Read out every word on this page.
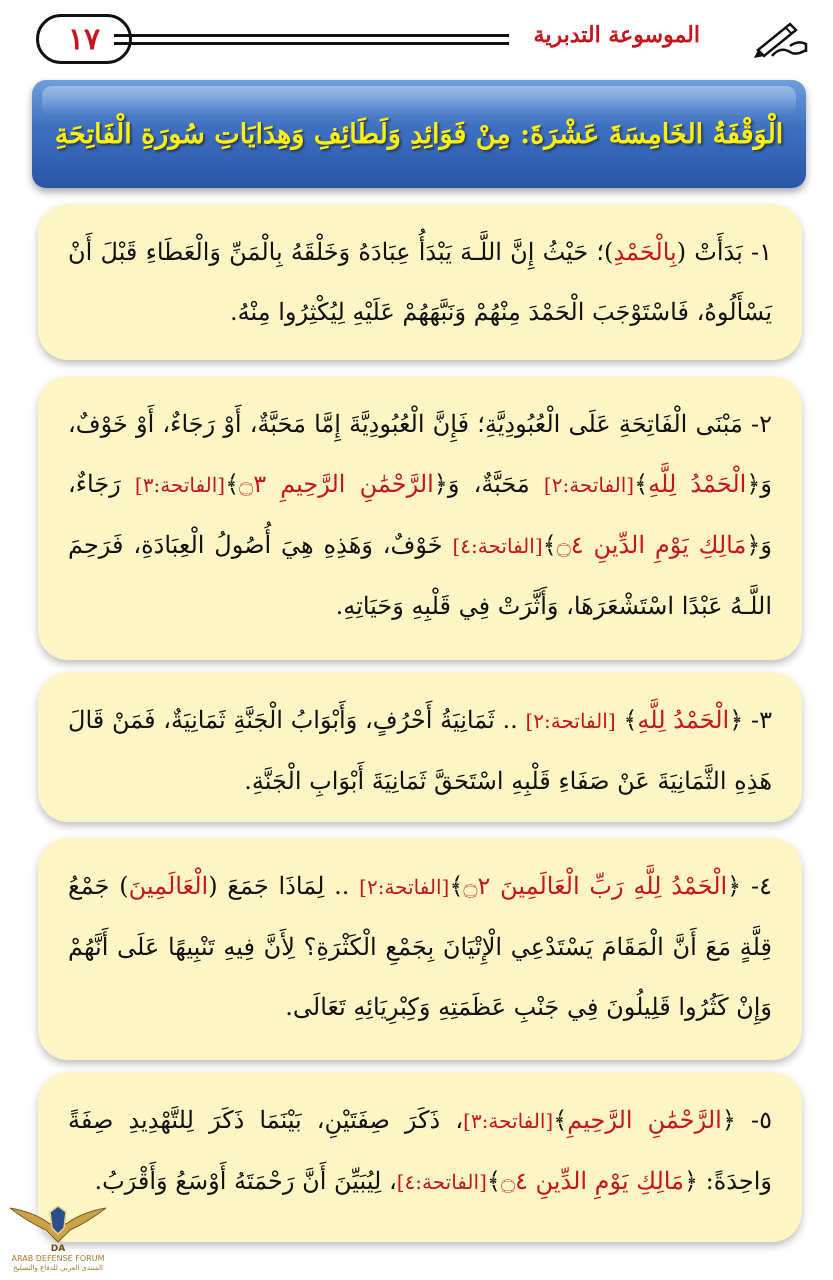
١٧	الموسوعة التدبرية
الْوَقْفَةُ الخَامِسَةَ عَشْرَةَ: مِنْ فَوَائِدِ وَلَطَائِفِ وَهِدَايَاتِ سُورَةِ الْفَاتِحَةِ

١- بَدَأَتْ (بِالْحَمْدِ)؛ حَيْثُ إِنَّ اللَّـهَ يَبْدَأُ عِبَادَهُ وَخَلْقَهُ بِالْمَنِّ وَالْعَطَاءِ قَبْلَ أَنْ يَسْأَلُوهُ، فَاسْتَوْجَبَ الْحَمْدَ مِنْهُمْ وَنَبَّهَهُمْ عَلَيْهِ لِيُكْثِرُوا مِنْهُ.

٢- مَبْنَى الْفَاتِحَةِ عَلَى الْعُبُودِيَّةِ؛ فَإِنَّ الْعُبُودِيَّةَ إِمَّا مَحَبَّةٌ، أَوْ رَجَاءٌ، أَوْ خَوْفٌ، وَ﴿الْحَمْدُ لِلَّهِ﴾[الفاتحة:٢] مَحَبَّةٌ، وَ﴿الرَّحْمَٰنِ الرَّحِيمِ ۝٣﴾[الفاتحة:٣] رَجَاءٌ، وَ﴿مَالِكِ يَوْمِ الدِّينِ ۝٤﴾[الفاتحة:٤] خَوْفٌ، وَهَذِهِ هِيَ أُصُولُ الْعِبَادَةِ، فَرَحِمَ اللَّـهُ عَبْدًا اسْتَشْعَرَهَا، وَأَثَّرَتْ فِي قَلْبِهِ وَحَيَاتِهِ.

٣- ﴿الْحَمْدُ لِلَّهِ﴾ [الفاتحة:٢] .. ثَمَانِيَةُ أَحْرُفٍ، وَأَبْوَابُ الْجَنَّةِ ثَمَانِيَةٌ، فَمَنْ قَالَ هَذِهِ الثَّمَانِيَةَ عَنْ صَفَاءِ قَلْبِهِ اسْتَحَقَّ ثَمَانِيَةَ أَبْوَابِ الْجَنَّةِ.

٤- ﴿الْحَمْدُ لِلَّهِ رَبِّ الْعَالَمِينَ ۝٢﴾[الفاتحة:٢] .. لِمَاذَا جَمَعَ (الْعَالَمِينَ) جَمْعُ قِلَّةٍ مَعَ أَنَّ الْمَقَامَ يَسْتَدْعِي الْإِتْيَانَ بِجَمْعِ الْكَثْرَةِ؟ لِأَنَّ فِيهِ تَنْبِيهًا عَلَى أَنَّهُمْ وَإِنْ كَثُرُوا قَلِيلُونَ فِي جَنْبِ عَظَمَتِهِ وَكِبْرِيَائِهِ تَعَالَى.

٥- ﴿الرَّحْمَٰنِ الرَّحِيمِ﴾[الفاتحة:٣]، ذَكَرَ صِفَتَيْنِ، بَيْنَمَا ذَكَرَ لِلتَّهْدِيدِ صِفَةً وَاحِدَةً: ﴿مَالِكِ يَوْمِ الدِّينِ ۝٤﴾[الفاتحة:٤]، لِيُبَيِّنَ أَنَّ رَحْمَتَهُ أَوْسَعُ وَأَقْرَبُ.

DA
ARAB DEFENSE FORUM
المنتدى العربي للدفاع والتسليح
